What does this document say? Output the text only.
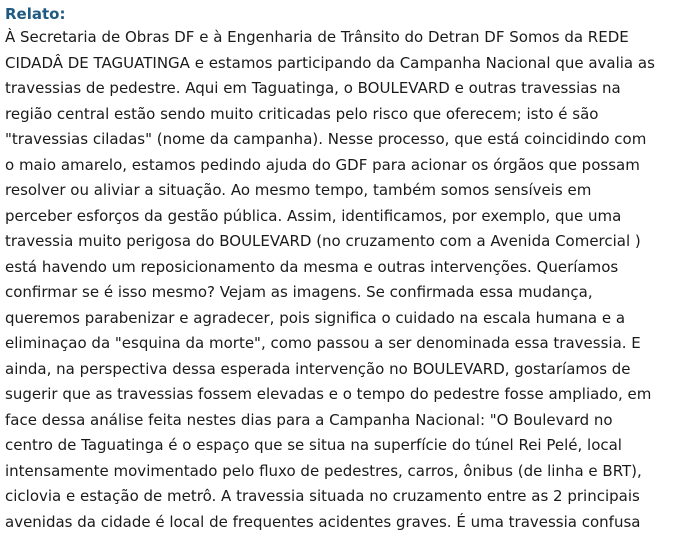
Relato:
À Secretaria de Obras DF e à Engenharia de Trânsito do Detran DF Somos da REDE
CIDADÂ DE TAGUATINGA e estamos participando da Campanha Nacional que avalia as
travessias de pedestre. Aqui em Taguatinga, o BOULEVARD e outras travessias na
região central estão sendo muito criticadas pelo risco que oferecem; isto é são
"travessias ciladas" (nome da campanha). Nesse processo, que está coincidindo com
o maio amarelo, estamos pedindo ajuda do GDF para acionar os órgãos que possam
resolver ou aliviar a situação. Ao mesmo tempo, também somos sensíveis em
perceber esforços da gestão pública. Assim, identificamos, por exemplo, que uma
travessia muito perigosa do BOULEVARD (no cruzamento com a Avenida Comercial )
está havendo um reposicionamento da mesma e outras intervenções. Queríamos
confirmar se é isso mesmo? Vejam as imagens. Se confirmada essa mudança,
queremos parabenizar e agradecer, pois significa o cuidado na escala humana e a
eliminaçao da "esquina da morte", como passou a ser denominada essa travessia. E
ainda, na perspectiva dessa esperada intervenção no BOULEVARD, gostaríamos de
sugerir que as travessias fossem elevadas e o tempo do pedestre fosse ampliado, em
face dessa análise feita nestes dias para a Campanha Nacional: "O Boulevard no
centro de Taguatinga é o espaço que se situa na superfície do túnel Rei Pelé, local
intensamente movimentado pelo fluxo de pedestres, carros, ônibus (de linha e BRT),
ciclovia e estação de metrô. A travessia situada no cruzamento entre as 2 principais
avenidas da cidade é local de frequentes acidentes graves. É uma travessia confusa
